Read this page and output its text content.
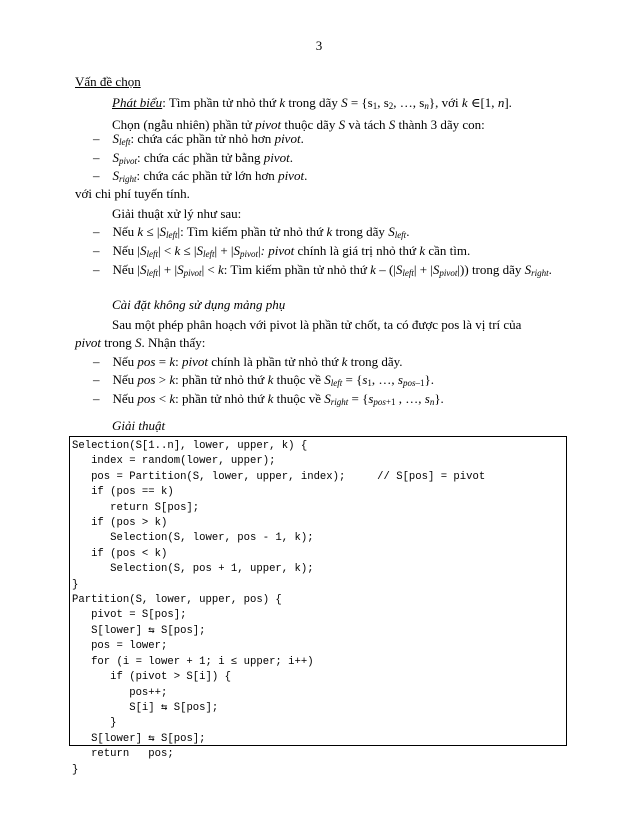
3
Vấn đề chọn
Phát biểu: Tìm phần tử nhỏ thứ k trong dãy $S = \{s_1$, $s_2$, …, $s_n$}, với k ∈[1, n].
Chọn (ngẫu nhiên) phần tử pivot thuộc dãy S và tách S thành 3 dãy con:
–    $S_{left}$: chứa các phần tử nhỏ hơn pivot.
–    $S_{pivot}$: chứa các phần tử bằng pivot.
–    $S_{right}$: chứa các phần tử lớn hơn pivot.
với chi phí tuyến tính.
Giải thuật xử lý như sau:
–    Nếu $k \le |S_{left}|$: Tìm kiếm phần tử nhỏ thứ k trong dãy $S_{left}$.
–    Nếu $|S_{left}| < k \le |S_{left}| + |S_{pivot}|$: pivot chính là giá trị nhỏ thứ k cần tìm.
–    Nếu $|S_{left}| + |S_{pivot}| < k$: Tìm kiếm phần tử nhỏ thứ $k - (|S_{left}| + |S_{pivot}|)$) trong dãy $S_{right}$.
Cài đặt không sử dụng mảng phụ
Sau một phép phân hoạch với pivot là phần tử chốt, ta có được pos là vị trí của
pivot trong S. Nhận thấy:
–    Nếu pos = k: pivot chính là phần tử nhỏ thứ k trong dãy.
–    Nếu pos > k: phần tử nhỏ thứ k thuộc về $S_{left} = \{s_1$, …, $s_{pos-1}$}.
–    Nếu pos < k: phần tử nhỏ thứ k thuộc về $S_{right} = \{s_{pos+1}$ , …, $s_n$}.
Giải thuật
Selection(S[1..n], lower, upper, k) {
index = random(lower, upper);
pos = Partition(S, lower, upper, index);     // S[pos] = pivot
if (pos == k)
return S[pos];
if (pos > k)
Selection(S, lower, pos - 1, k);
if (pos < k)
Selection(S, pos + 1, upper, k);
}
Partition(S, lower, upper, pos) {
pivot = S[pos];
S[lower] ⇆ S[pos];
pos = lower;
for (i = lower + 1; i ≤ upper; i++)
if (pivot > S[i]) {
pos++;
S[i] ⇆ S[pos];
}
S[lower] ⇆ S[pos];
return   pos;
}
